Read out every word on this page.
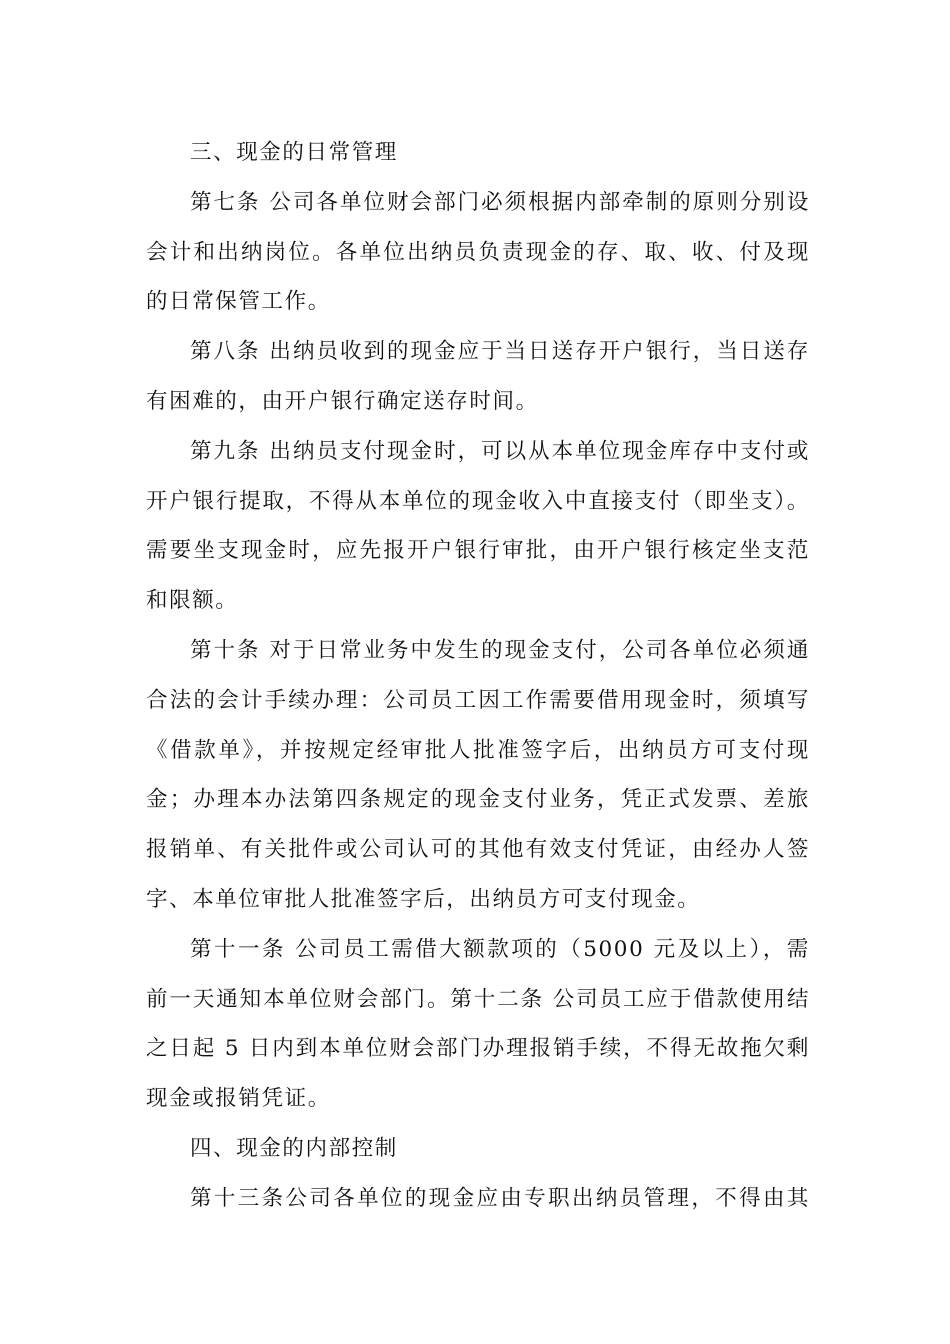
三、现金的日常管理
第七条 公司各单位财会部门必须根据内部牵制的原则分别设
会计和出纳岗位。各单位出纳员负责现金的存、取、收、付及现
的日常保管工作。
第八条 出纳员收到的现金应于当日送存开户银行，当日送存
有困难的，由开户银行确定送存时间。
第九条 出纳员支付现金时，可以从本单位现金库存中支付或
开户银行提取，不得从本单位的现金收入中直接支付（即坐支）。
需要坐支现金时，应先报开户银行审批，由开户银行核定坐支范
和限额。
第十条 对于日常业务中发生的现金支付，公司各单位必须通
合法的会计手续办理：公司员工因工作需要借用现金时，须填写
《借款单》，并按规定经审批人批准签字后，出纳员方可支付现
金；办理本办法第四条规定的现金支付业务，凭正式发票、差旅
报销单、有关批件或公司认可的其他有效支付凭证，由经办人签
字、本单位审批人批准签字后，出纳员方可支付现金。
第十一条 公司员工需借大额款项的（5000 元及以上），需
前一天通知本单位财会部门。第十二条 公司员工应于借款使用结
之日起 5 日内到本单位财会部门办理报销手续，不得无故拖欠剩
现金或报销凭证。
四、现金的内部控制
第十三条公司各单位的现金应由专职出纳员管理，不得由其
